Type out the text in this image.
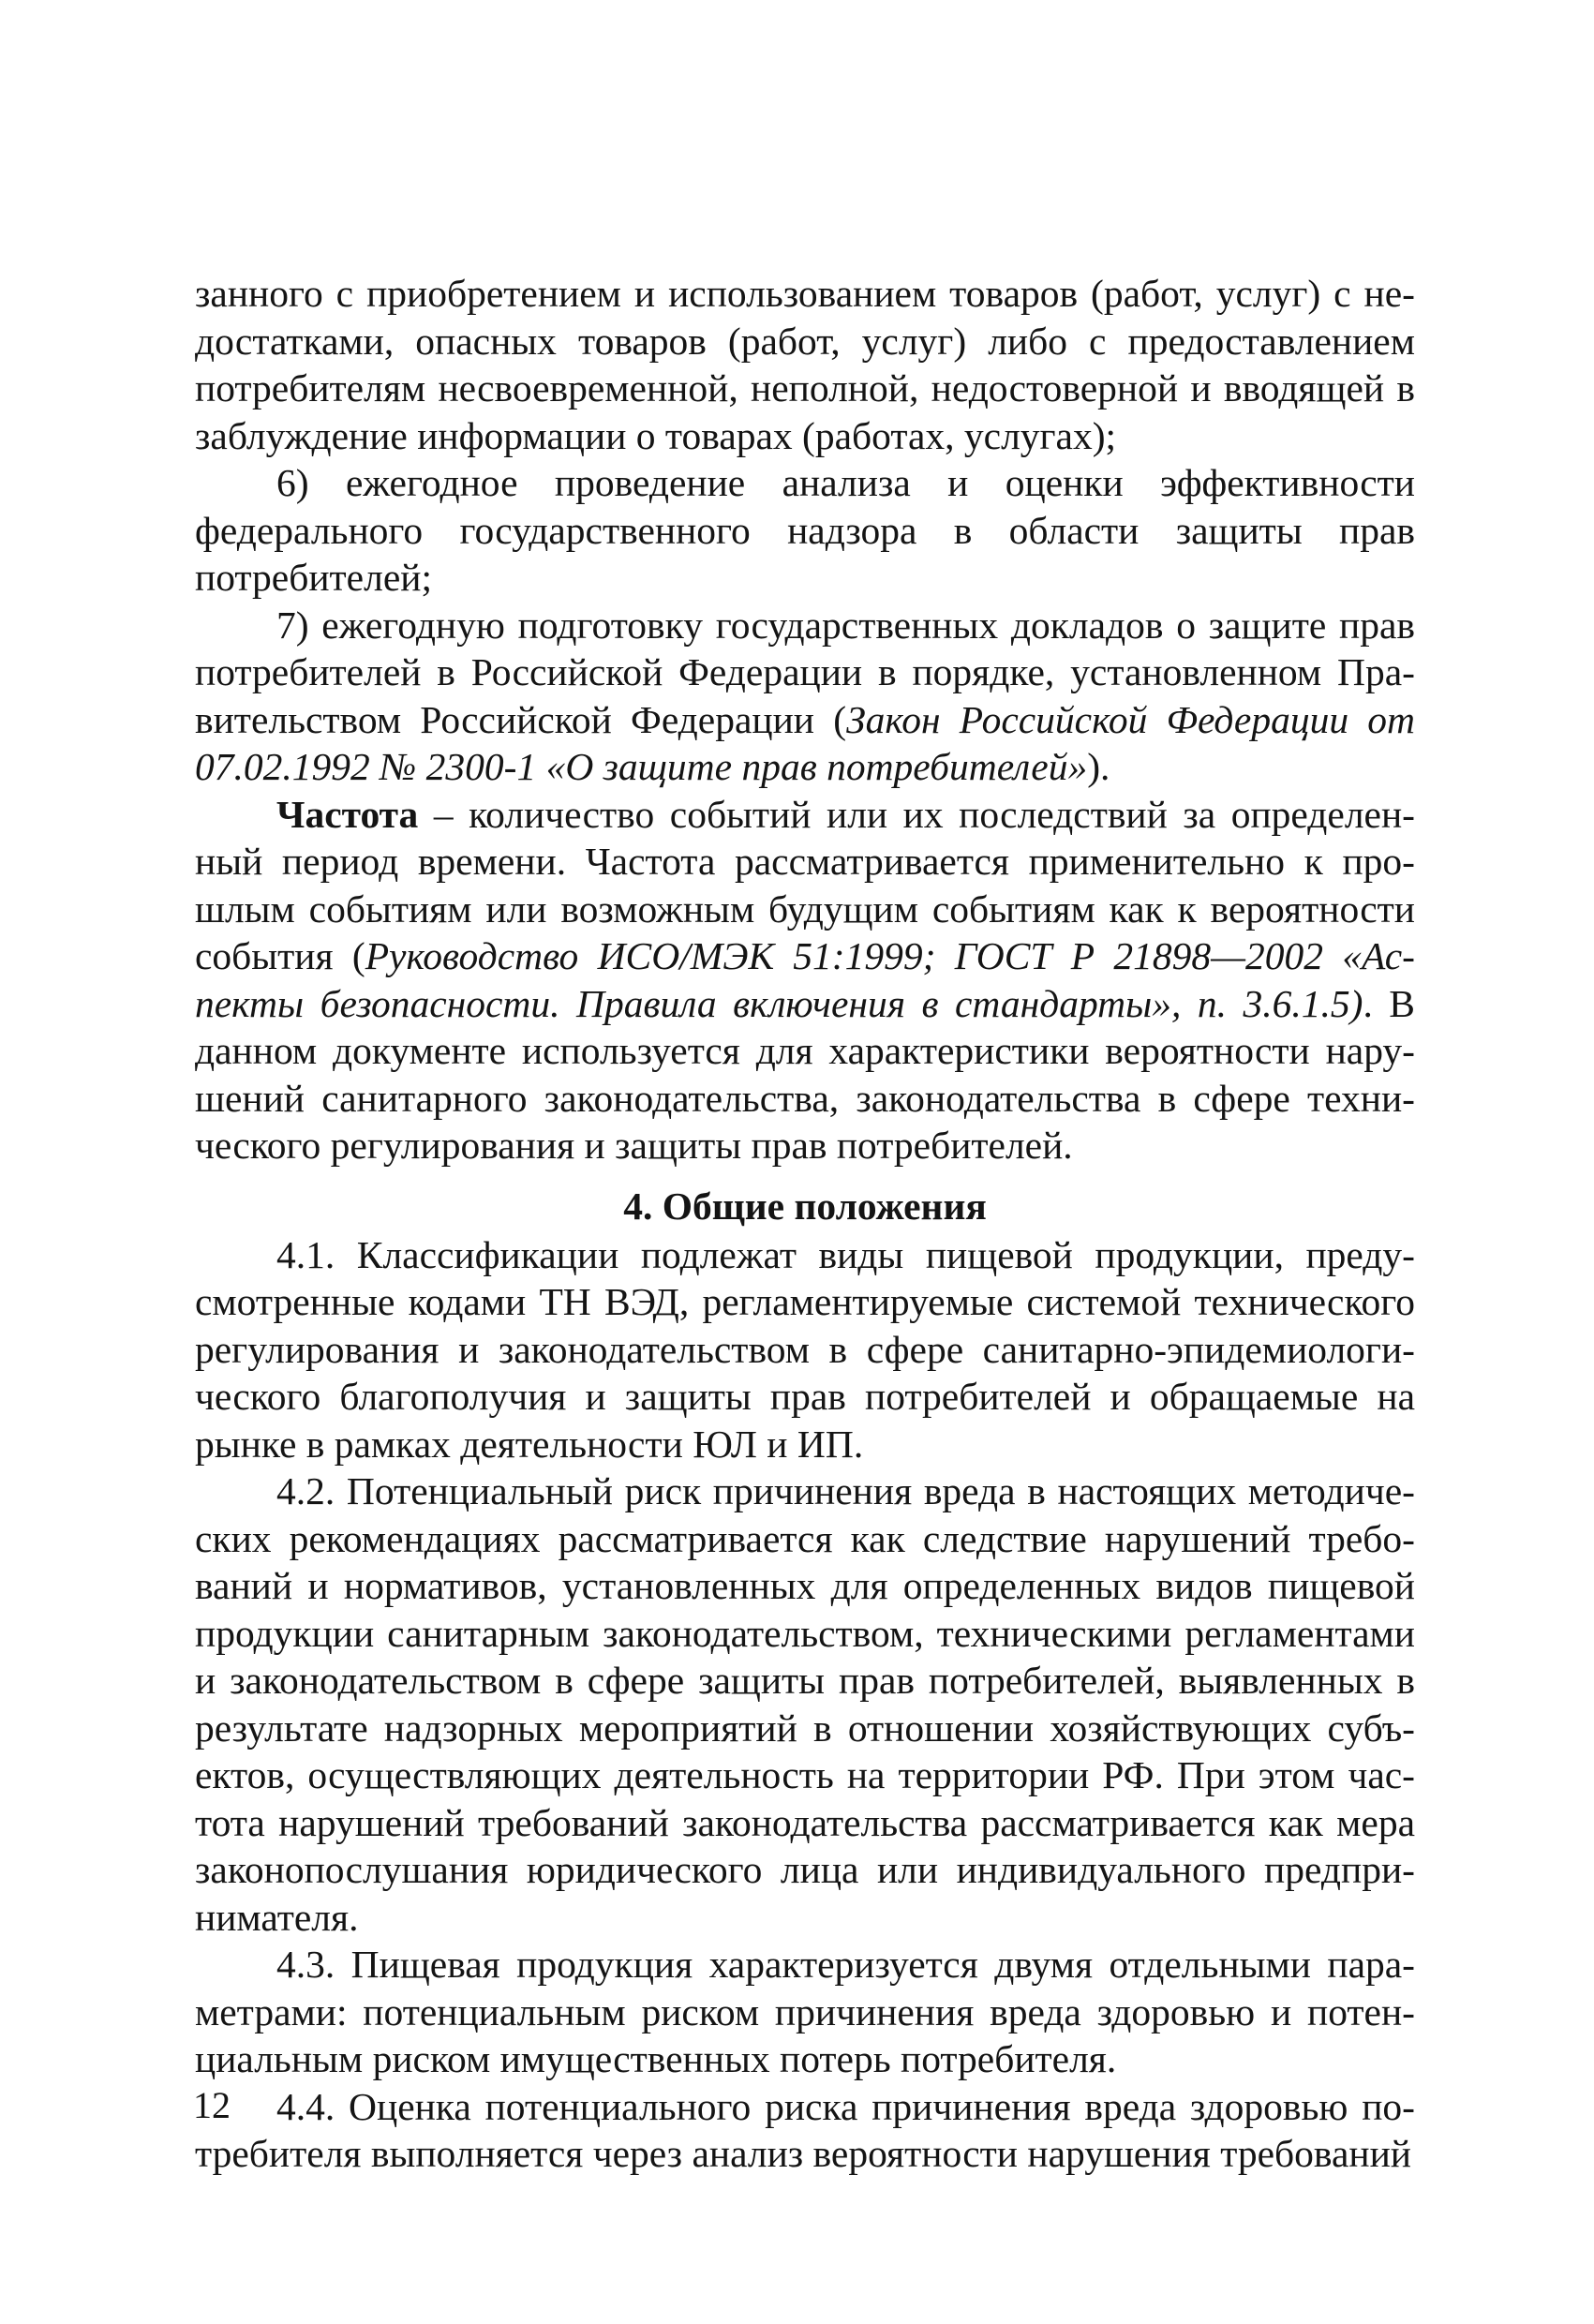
занного с приобретением и использованием товаров (работ, услуг) с недостатками, опасных товаров (работ, услуг) либо с предоставлением потребителям несвоевременной, неполной, недостоверной и вводящей в заблуждение информации о товарах (работах, услугах);

6) ежегодное проведение анализа и оценки эффективности федерального государственного надзора в области защиты прав потребителей;

7) ежегодную подготовку государственных докладов о защите прав потребителей в Российской Федерации в порядке, установленном Правительством Российской Федерации (Закон Российской Федерации от 07.02.1992 № 2300-1 «О защите прав потребителей»).

Частота – количество событий или их последствий за определенный период времени. Частота рассматривается применительно к прошлым событиям или возможным будущим событиям как к вероятности события (Руководство ИСО/МЭК 51:1999; ГОСТ Р 21898—2002 «Аспекты безопасности. Правила включения в стандарты», п. 3.6.1.5). В данном документе используется для характеристики вероятности нарушений санитарного законодательства, законодательства в сфере технического регулирования и защиты прав потребителей.

4. Общие положения

4.1. Классификации подлежат виды пищевой продукции, предусмотренные кодами ТН ВЭД, регламентируемые системой технического регулирования и законодательством в сфере санитарно-эпидемиологического благополучия и защиты прав потребителей и обращаемые на рынке в рамках деятельности ЮЛ и ИП.

4.2. Потенциальный риск причинения вреда в настоящих методических рекомендациях рассматривается как следствие нарушений требований и нормативов, установленных для определенных видов пищевой продукции санитарным законодательством, техническими регламентами и законодательством в сфере защиты прав потребителей, выявленных в результате надзорных мероприятий в отношении хозяйствующих субъектов, осуществляющих деятельность на территории РФ. При этом частота нарушений требований законодательства рассматривается как мера законопослушания юридического лица или индивидуального предпринимателя.

4.3. Пищевая продукция характеризуется двумя отдельными параметрами: потенциальным риском причинения вреда здоровью и потенциальным риском имущественных потерь потребителя.

4.4. Оценка потенциального риска причинения вреда здоровью потребителя выполняется через анализ вероятности нарушения требований

12
